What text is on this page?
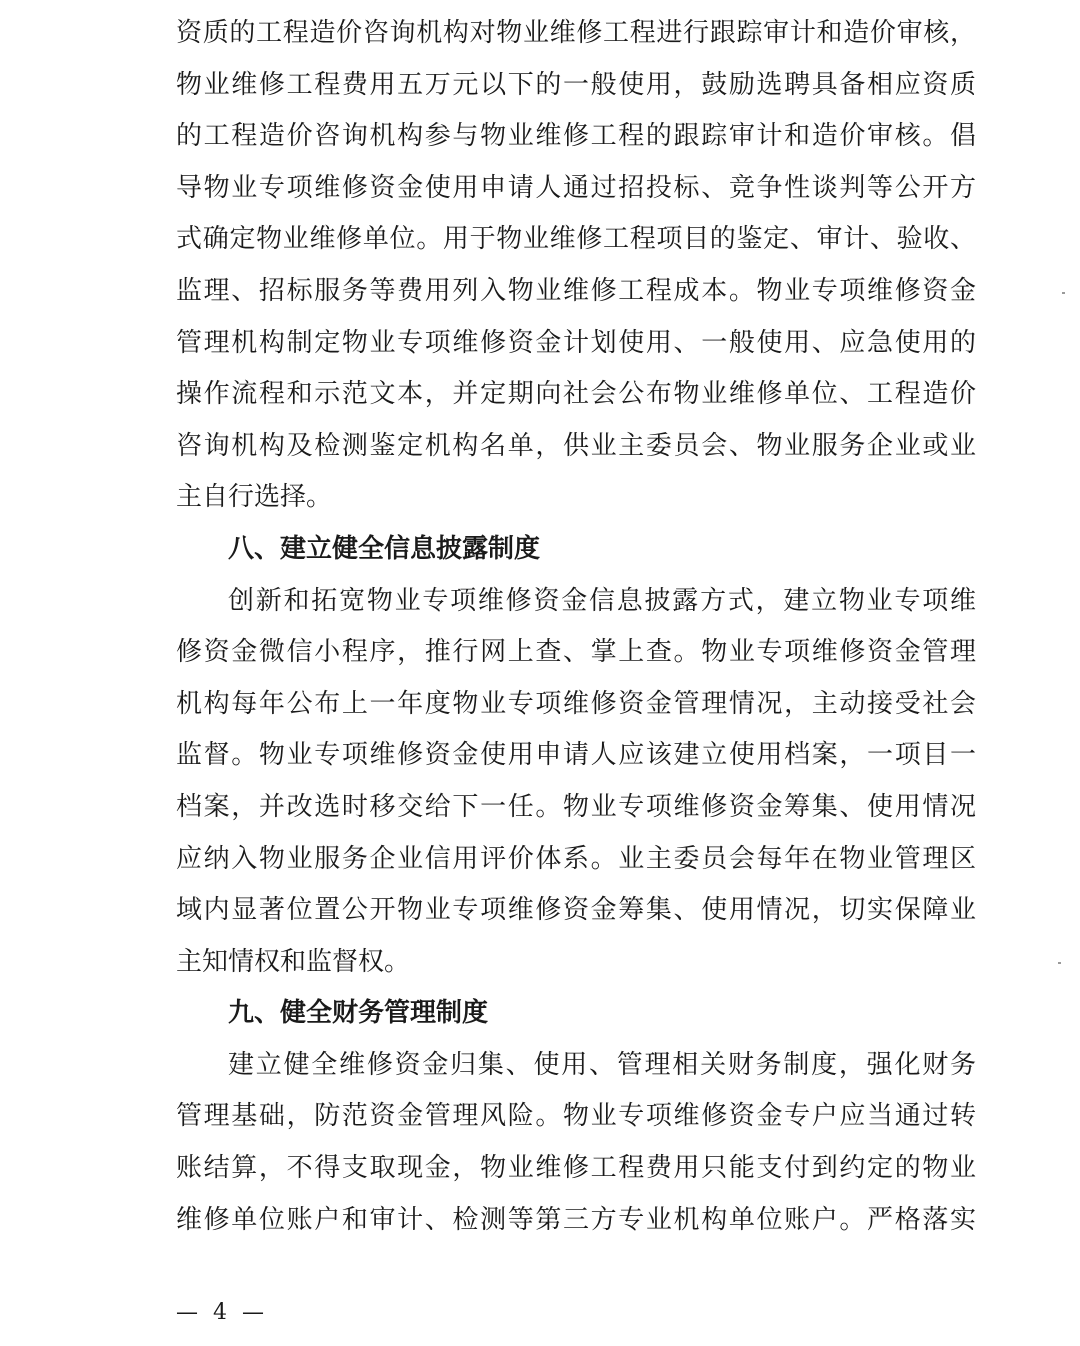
资质的工程造价咨询机构对物业维修工程进行跟踪审计和造价审核，
物业维修工程费用五万元以下的一般使用，鼓励选聘具备相应资质
的工程造价咨询机构参与物业维修工程的跟踪审计和造价审核。倡
导物业专项维修资金使用申请人通过招投标、竞争性谈判等公开方
式确定物业维修单位。用于物业维修工程项目的鉴定、审计、验收、
监理、招标服务等费用列入物业维修工程成本。物业专项维修资金
管理机构制定物业专项维修资金计划使用、一般使用、应急使用的
操作流程和示范文本，并定期向社会公布物业维修单位、工程造价
咨询机构及检测鉴定机构名单，供业主委员会、物业服务企业或业
主自行选择。
八、建立健全信息披露制度
创新和拓宽物业专项维修资金信息披露方式，建立物业专项维
修资金微信小程序，推行网上查、掌上查。物业专项维修资金管理
机构每年公布上一年度物业专项维修资金管理情况，主动接受社会
监督。物业专项维修资金使用申请人应该建立使用档案，一项目一
档案，并改选时移交给下一任。物业专项维修资金筹集、使用情况
应纳入物业服务企业信用评价体系。业主委员会每年在物业管理区
域内显著位置公开物业专项维修资金筹集、使用情况，切实保障业
主知情权和监督权。
九、健全财务管理制度
建立健全维修资金归集、使用、管理相关财务制度，强化财务
管理基础，防范资金管理风险。物业专项维修资金专户应当通过转
账结算，不得支取现金，物业维修工程费用只能支付到约定的物业
维修单位账户和审计、检测等第三方专业机构单位账户。严格落实
— 4 —
